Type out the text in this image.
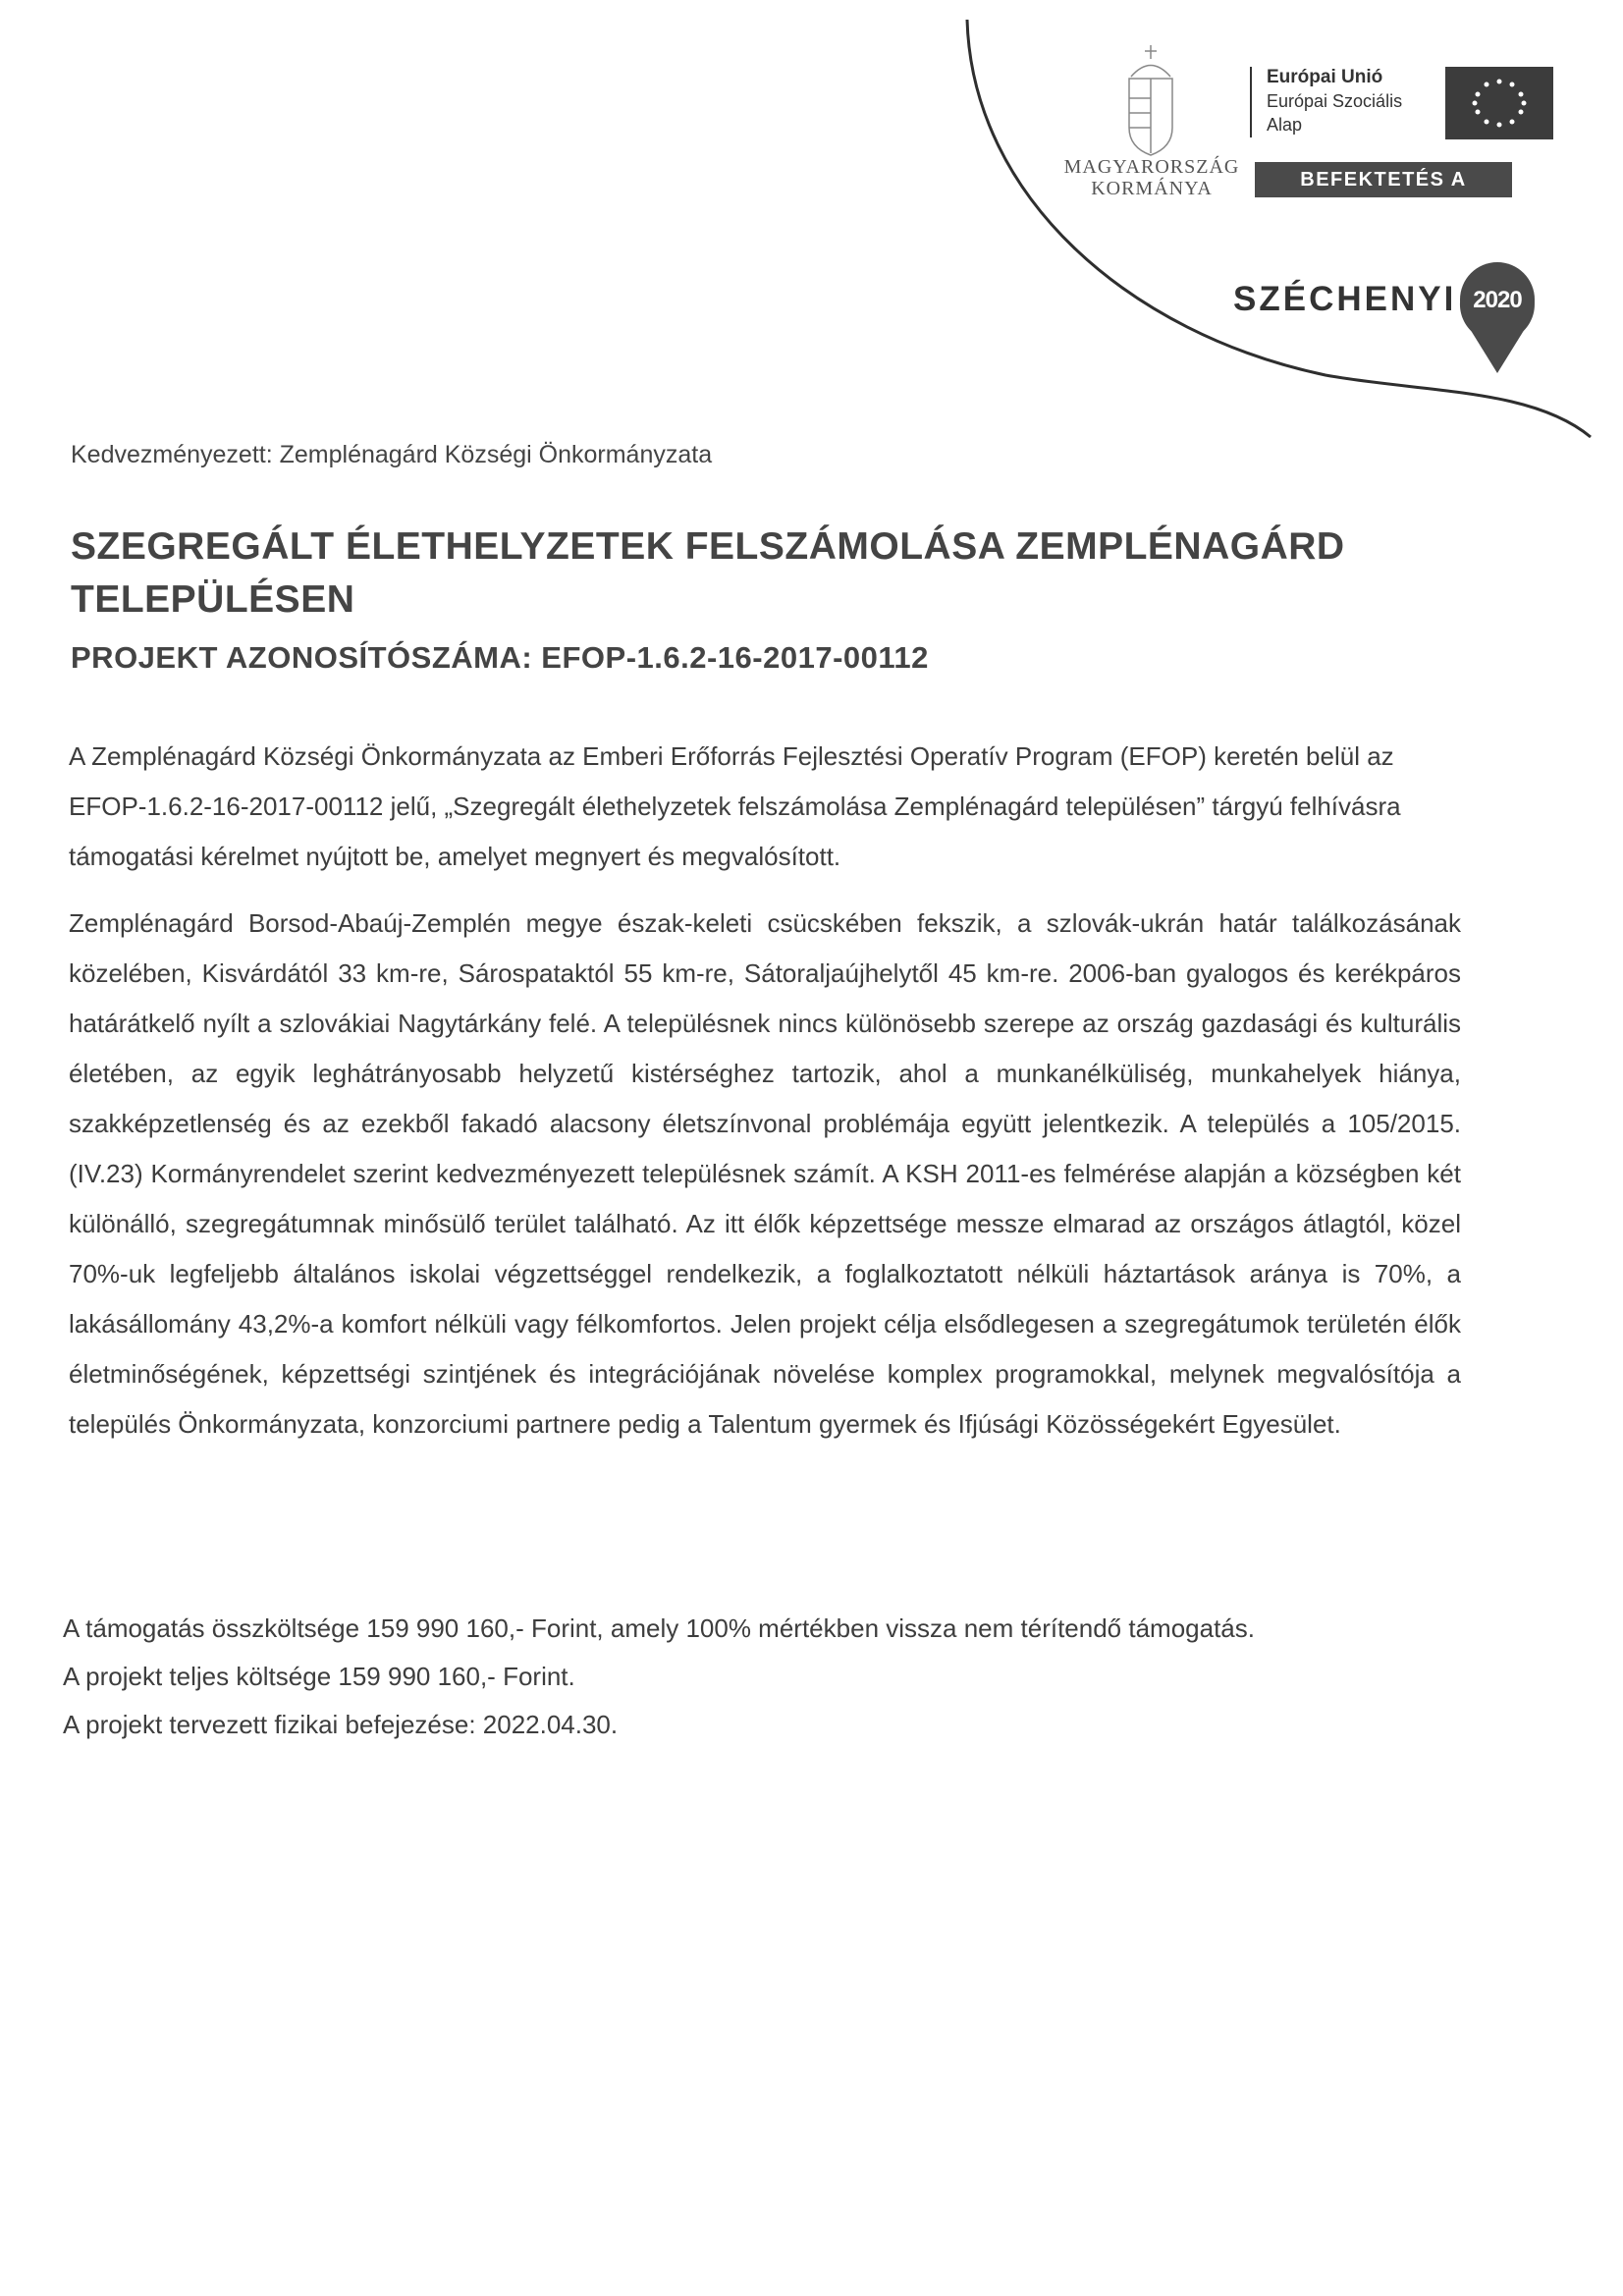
MAGYARORSZÁG
KORMÁNYA
Európai Unió
Európai Szociális
Alap
BEFEKTETÉS A JÖVŐBE
SZÉCHENYI 2020
Kedvezményezett: Zemplénagárd Községi Önkormányzata
SZEGREGÁLT ÉLETHELYZETEK FELSZÁMOLÁSA ZEMPLÉNAGÁRD
TELEPÜLÉSEN
PROJEKT AZONOSÍTÓSZÁMA: EFOP-1.6.2-16-2017-00112

A Zemplénagárd Községi Önkormányzata az Emberi Erőforrás Fejlesztési Operatív Program (EFOP) keretén belül az EFOP-1.6.2-16-2017-00112 jelű, „Szegregált élethelyzetek felszámolása Zemplénagárd településen” tárgyú felhívásra támogatási kérelmet nyújtott be, amelyet megnyert és megvalósított.

Zemplénagárd Borsod-Abaúj-Zemplén megye észak-keleti csücskében fekszik, a szlovák-ukrán határ találkozásának közelében, Kisvárdától 33 km-re, Sárospataktól 55 km-re, Sátoraljaújhelytől 45 km-re. 2006-ban gyalogos és kerékpáros határátkelő nyílt a szlovákiai Nagytárkány felé. A településnek nincs különösebb szerepe az ország gazdasági és kulturális életében, az egyik leghátrányosabb helyzetű kistérséghez tartozik, ahol a munkanélküliség, munkahelyek hiánya, szakképzetlenség és az ezekből fakadó alacsony életszínvonal problémája együtt jelentkezik. A település a 105/2015. (IV.23) Kormányrendelet szerint kedvezményezett településnek számít. A KSH 2011-es felmérése alapján a községben két különálló, szegregátumnak minősülő terület található. Az itt élők képzettsége messze elmarad az országos átlagtól, közel 70%-uk legfeljebb általános iskolai végzettséggel rendelkezik, a foglalkoztatott nélküli háztartások aránya is 70%, a lakásállomány 43,2%-a komfort nélküli vagy félkomfortos. Jelen projekt célja elsődlegesen a szegregátumok területén élők életminőségének, képzettségi szintjének és integrációjának növelése komplex programokkal, melynek megvalósítója a település Önkormányzata, konzorciumi partnere pedig a Talentum gyermek és Ifjúsági Közösségekért Egyesület.

A támogatás összköltsége 159 990 160,- Forint, amely 100% mértékben vissza nem térítendő támogatás.
A projekt teljes költsége 159 990 160,- Forint.
A projekt tervezett fizikai befejezése: 2022.04.30.
